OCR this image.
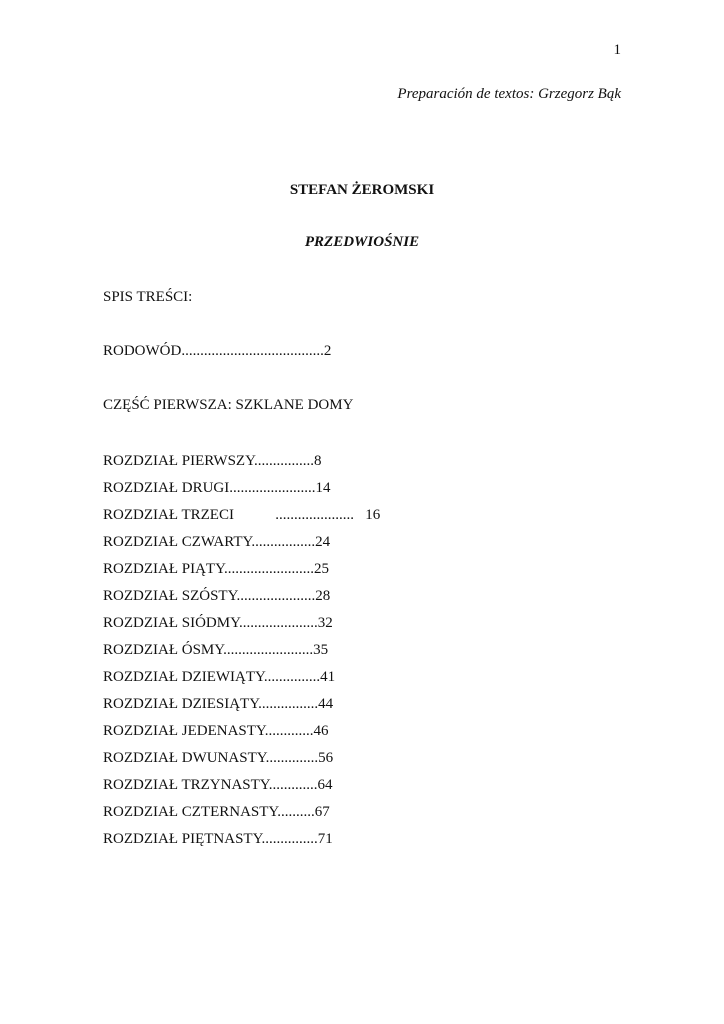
1
Preparación de textos: Grzegorz Bąk
STEFAN ŻEROMSKI
PRZEDWIOŚNIE
SPIS TREŚCI:
RODOWÓD......................................2
CZĘŚĆ PIERWSZA: SZKLANE DOMY
ROZDZIAŁ PIERWSZY................8
ROZDZIAŁ DRUGI.......................14
ROZDZIAŁ TRZECI           .....................   16
ROZDZIAŁ CZWARTY.................24
ROZDZIAŁ PIĄTY........................25
ROZDZIAŁ SZÓSTY.....................28
ROZDZIAŁ SIÓDMY.....................32
ROZDZIAŁ ÓSMY........................35
ROZDZIAŁ DZIEWIĄTY...............41
ROZDZIAŁ DZIESIĄTY................44
ROZDZIAŁ JEDENASTY.............46
ROZDZIAŁ DWUNASTY..............56
ROZDZIAŁ TRZYNASTY.............64
ROZDZIAŁ CZTERNASTY..........67
ROZDZIAŁ PIĘTNASTY...............71
